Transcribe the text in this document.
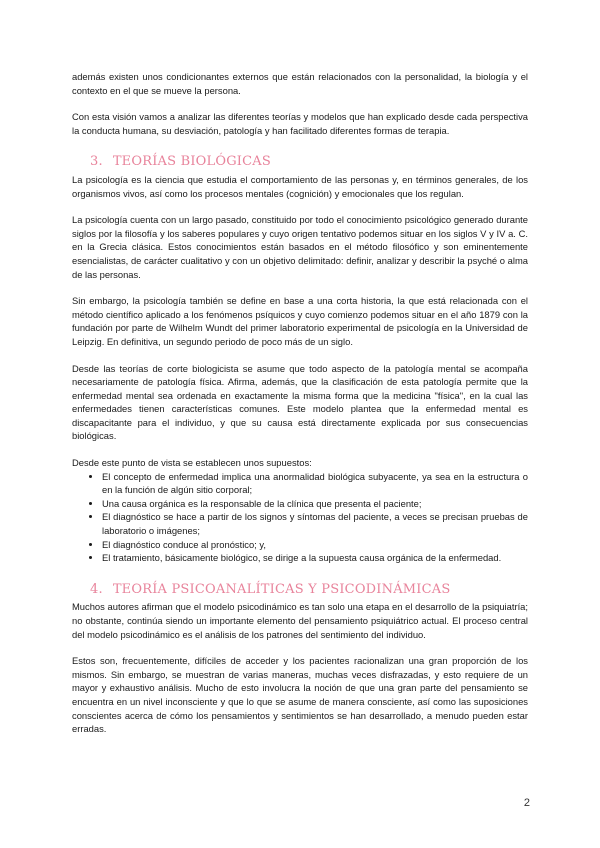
además existen unos condicionantes externos que están relacionados con la personalidad, la biología y el contexto en el que se mueve la persona.

Con esta visión vamos a analizar las diferentes teorías y modelos que han explicado desde cada perspectiva la conducta humana, su desviación, patología y han facilitado diferentes formas de terapia.

3. TEORÍAS BIOLÓGICAS

La psicología es la ciencia que estudia el comportamiento de las personas y, en términos generales, de los organismos vivos, así como los procesos mentales (cognición) y emocionales que los regulan.

La psicología cuenta con un largo pasado, constituido por todo el conocimiento psicológico generado durante siglos por la filosofía y los saberes populares y cuyo origen tentativo podemos situar en los siglos V y IV a. C. en la Grecia clásica. Estos conocimientos están basados en el método filosófico y son eminentemente esencialistas, de carácter cualitativo y con un objetivo delimitado: definir, analizar y describir la psyché o alma de las personas.

Sin embargo, la psicología también se define en base a una corta historia, la que está relacionada con el método científico aplicado a los fenómenos psíquicos y cuyo comienzo podemos situar en el año 1879 con la fundación por parte de Wilhelm Wundt del primer laboratorio experimental de psicología en la Universidad de Leipzig. En definitiva, un segundo periodo de poco más de un siglo.

Desde las teorías de corte biologicista se asume que todo aspecto de la patología mental se acompaña necesariamente de patología física. Afirma, además, que la clasificación de esta patología permite que la enfermedad mental sea ordenada en exactamente la misma forma que la medicina "física", en la cual las enfermedades tienen características comunes. Este modelo plantea que la enfermedad mental es discapacitante para el individuo, y que su causa está directamente explicada por sus consecuencias biológicas.

Desde este punto de vista se establecen unos supuestos:

• El concepto de enfermedad implica una anormalidad biológica subyacente, ya sea en la estructura o en la función de algún sitio corporal;
• Una causa orgánica es la responsable de la clínica que presenta el paciente;
• El diagnóstico se hace a partir de los signos y síntomas del paciente, a veces se precisan pruebas de laboratorio o imágenes;
• El diagnóstico conduce al pronóstico; y,
• El tratamiento, básicamente biológico, se dirige a la supuesta causa orgánica de la enfermedad.
4. TEORÍA PSICOANALÍTICAS Y PSICODINÁMICAS

Muchos autores afirman que el modelo psicodinámico es tan solo una etapa en el desarrollo de la psiquiatría; no obstante, continúa siendo un importante elemento del pensamiento psiquiátrico actual. El proceso central del modelo psicodinámico es el análisis de los patrones del sentimiento del individuo.

Estos son, frecuentemente, difíciles de acceder y los pacientes racionalizan una gran proporción de los mismos. Sin embargo, se muestran de varias maneras, muchas veces disfrazadas, y esto requiere de un mayor y exhaustivo análisis. Mucho de esto involucra la noción de que una gran parte del pensamiento se encuentra en un nivel inconsciente y que lo que se asume de manera consciente, así como las suposiciones conscientes acerca de cómo los pensamientos y sentimientos se han desarrollado, a menudo pueden estar erradas.

2
